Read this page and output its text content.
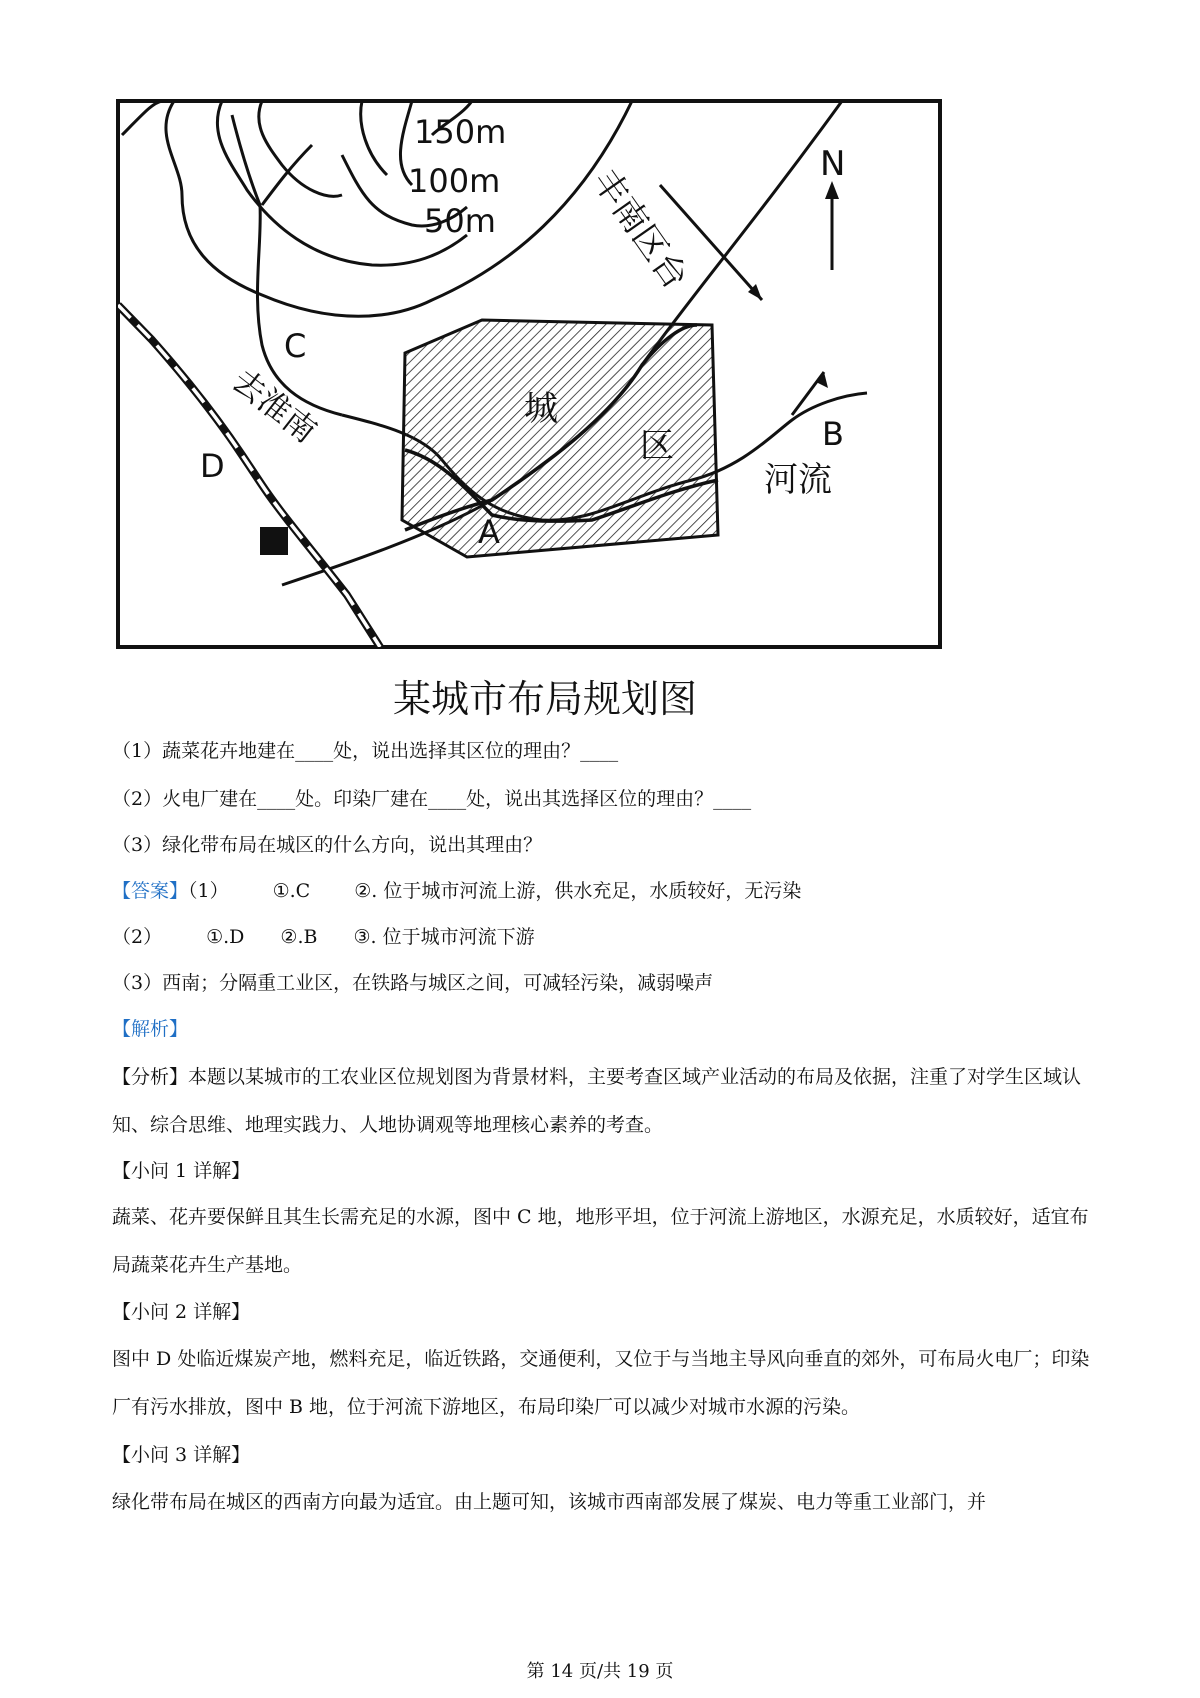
150m
100m
50m	丰南区台	N
C
去淮南
D
城
区
A
B
河流
某城市布局规划图
（1）蔬菜花卉地建在____处，说出选择其区位的理由？____
（2）火电厂建在____处。印染厂建在____处，说出其选择区位的理由？____
（3）绿化带布局在城区的什么方向，说出其理由？
【答案】（1） ①.C ②. 位于城市河流上游，供水充足，水质较好，无污染
（2） ①.D ②.B ③. 位于城市河流下游
（3）西南；分隔重工业区，在铁路与城区之间，可减轻污染，减弱噪声
【解析】
【分析】本题以某城市的工农业区位规划图为背景材料，主要考查区域产业活动的布局及依据，注重了对学生区域认知、综合思维、地理实践力、人地协调观等地理核心素养的考查。
【小问 1 详解】
蔬菜、花卉要保鲜且其生长需充足的水源，图中 C 地，地形平坦，位于河流上游地区，水源充足，水质较好，适宜布局蔬菜花卉生产基地。
【小问 2 详解】
图中 D 处临近煤炭产地，燃料充足，临近铁路，交通便利，又位于与当地主导风向垂直的郊外，可布局火电厂；印染厂有污水排放，图中 B 地，位于河流下游地区，布局印染厂可以减少对城市水源的污染。
【小问 3 详解】
绿化带布局在城区的西南方向最为适宜。由上题可知，该城市西南部发展了煤炭、电力等重工业部门，并
第 14 页/共 19 页
